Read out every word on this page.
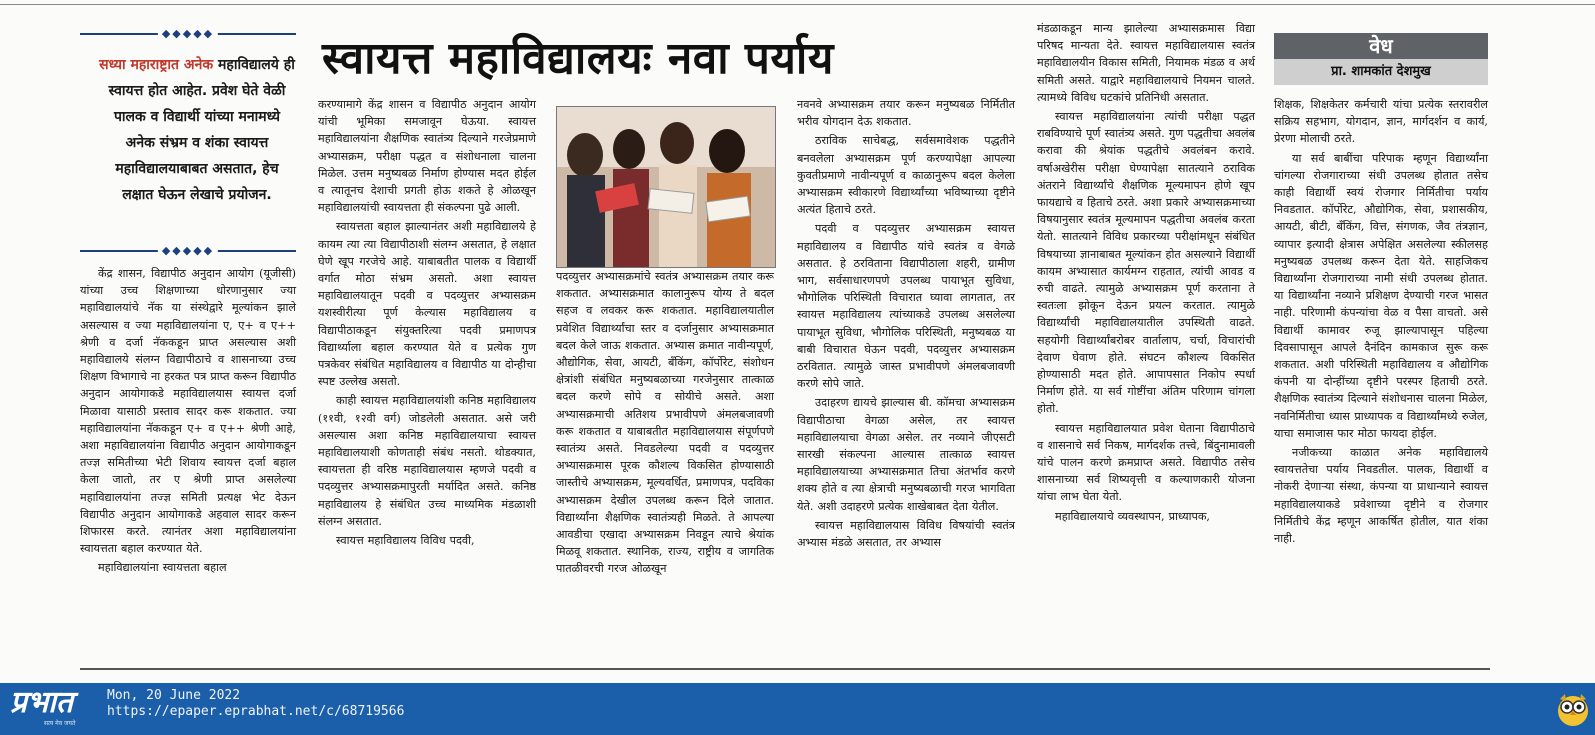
◆◆◆◆◆
सध्या महाराष्ट्रात अनेक महाविद्यालये ही स्वायत्त होत आहेत. प्रवेश घेते वेळी पालक व विद्यार्थी यांच्या मनामध्ये अनेक संभ्रम व शंका स्वायत्त महाविद्यालयाबाबत असतात, हेच लक्षात घेऊन लेखाचे प्रयोजन.
◆◆◆◆◆
स्वायत्त महाविद्यालयः नवा पर्याय

केंद्र शासन, विद्यापीठ अनुदान आयोग (यूजीसी) यांच्या उच्च शिक्षणाच्या धोरणानुसार ज्या महाविद्यालयांचे नॅक या संस्थेद्वारे मूल्यांकन झाले असल्यास व ज्या महाविद्यालयांना ए, ए+ व ए++ श्रेणी व दर्जा नॅककडून प्राप्त असल्यास अशी महाविद्यालये संलग्न विद्यापीठाचे व शासनाच्या उच्च शिक्षण विभागाचे ना हरकत पत्र प्राप्त करून विद्यापीठ अनुदान आयोगाकडे महाविद्यालयास स्वायत्त दर्जा मिळावा यासाठी प्रस्ताव सादर करू शकतात. ज्या महाविद्यालयांना नॅककडून ए+ व ए++ श्रेणी आहे, अशा महाविद्यालयांना विद्यापीठ अनुदान आयोगाकडून तज्ज्ञ समितीच्या भेटी शिवाय स्वायत्त दर्जा बहाल केला जातो, तर ए श्रेणी प्राप्त असलेल्या महाविद्यालयांना तज्ज्ञ समिती प्रत्यक्ष भेट देऊन विद्यापीठ अनुदान आयोगाकडे अहवाल सादर करून शिफारस करते. त्यानंतर अशा महाविद्यालयांना स्वायत्तता बहाल करण्यात येते.

महाविद्यालयांना स्वायत्तता बहाल

करण्यामागे केंद्र शासन व विद्यापीठ अनुदान आयोग यांची भूमिका समजावून घेऊया. स्वायत्त महाविद्यालयांना शैक्षणिक स्वातंत्र्य दिल्याने गरजेप्रमाणे अभ्यासक्रम, परीक्षा पद्धत व संशोधनाला चालना मिळेल. उत्तम मनुष्यबळ निर्माण होण्यास मदत होईल व त्यातूनच देशाची प्रगती होऊ शकते हे ओळखून महाविद्यालयांची स्वायत्तता ही संकल्पना पुढे आली.

स्वायत्तता बहाल झाल्यानंतर अशी महाविद्यालये हे कायम त्या त्या विद्यापीठाशी संलग्न असतात, हे लक्षात घेणे खूप गरजेचे आहे. याबाबतीत पालक व विद्यार्थी वर्गात मोठा संभ्रम असतो. अशा स्वायत्त महाविद्यालयातून पदवी व पदव्युत्तर अभ्यासक्रम यशस्वीरीत्या पूर्ण केल्यास महाविद्यालय व विद्यापीठाकडून संयुक्तरित्या पदवी प्रमाणपत्र विद्यार्थ्याला बहाल करण्यात येते व प्रत्येक गुण पत्रकेवर संबंधित महाविद्यालय व विद्यापीठ या दोन्हीचा स्पष्ट उल्लेख असतो.

काही स्वायत्त महाविद्यालयांशी कनिष्ठ महाविद्यालय (११वी, १२वी वर्ग) जोडलेली असतात. असे जरी असल्यास अशा कनिष्ठ महाविद्यालयाचा स्वायत्त महाविद्यालयाशी कोणताही संबंध नसतो. थोडक्यात, स्वायत्तता ही वरिष्ठ महाविद्यालयास म्हणजे पदवी व पदव्युत्तर अभ्यासक्रमापुरती मर्यादित असते. कनिष्ठ महाविद्यालय हे संबंधित उच्च माध्यमिक मंडळाशी संलग्न असतात.

स्वायत्त महाविद्यालय विविध पदवी,

पदव्युत्तर अभ्यासक्रमांचे स्वतंत्र अभ्यासक्रम तयार करू शकतात. अभ्यासक्रमात कालानुरूप योग्य ते बदल सहज व लवकर करू शकतात. महाविद्यालयातील प्रवेशित विद्यार्थ्यांचा स्तर व दर्जानुसार अभ्यासक्रमात बदल केले जाऊ शकतात. अभ्यास क्रमात नावीन्यपूर्ण, औद्योगिक, सेवा, आयटी, बँकिंग, कॉर्पोरेट, संशोधन क्षेत्रांशी संबंधित मनुष्यबळाच्या गरजेनुसार तात्काळ बदल करणे सोपे व सोयीचे असते. अशा अभ्यासक्रमाची अतिशय प्रभावीपणे अंमलबजावणी करू शकतात व याबाबतीत महाविद्यालयास संपूर्णपणे स्वातंत्र्य असते. निवडलेल्या पदवी व पदव्युत्तर अभ्यासक्रमास पूरक कौशल्य विकसित होण्यासाठी जास्तीचे अभ्यासक्रम, मूल्यवर्धित, प्रमाणपत्र, पदविका अभ्यासक्रम देखील उपलब्ध करून दिले जातात. विद्यार्थ्यांना शैक्षणिक स्वातंत्र्यही मिळते. ते आपल्या आवडीचा एखादा अभ्यासक्रम निवडून त्याचे श्रेयांक मिळवू शकतात. स्थानिक, राज्य, राष्ट्रीय व जागतिक पातळीवरची गरज ओळखून

नवनवे अभ्यासक्रम तयार करून मनुष्यबळ निर्मितीत भरीव योगदान देऊ शकतात.

ठराविक साचेबद्ध, सर्वसमावेशक पद्धतीने बनवलेला अभ्यासक्रम पूर्ण करण्यापेक्षा आपल्या कुवतीप्रमाणे नावीन्यपूर्ण व काळानुरूप बदल केलेला अभ्यासक्रम स्वीकारणे विद्यार्थ्यांच्या भविष्याच्या दृष्टीने अत्यंत हिताचे ठरते.

पदवी व पदव्युत्तर अभ्यासक्रम स्वायत्त महाविद्यालय व विद्यापीठ यांचे स्वतंत्र व वेगळे असतात. हे ठरविताना विद्यापीठाला शहरी, ग्रामीण भाग, सर्वसाधारणपणे उपलब्ध पायाभूत सुविधा, भौगोलिक परिस्थिती विचारात घ्यावा लागतात, तर स्वायत्त महाविद्यालय त्यांच्याकडे उपलब्ध असलेल्या पायाभूत सुविधा, भौगोलिक परिस्थिती, मनुष्यबळ या बाबी विचारात घेऊन पदवी, पदव्युत्तर अभ्यासक्रम ठरवितात. त्यामुळे जास्त प्रभावीपणे अंमलबजावणी करणे सोपे जाते.

उदाहरण द्यायचे झाल्यास बी. कॉमचा अभ्यासक्रम विद्यापीठाचा वेगळा असेल, तर स्वायत्त महाविद्यालयाचा वेगळा असेल. तर नव्याने जीएसटी सारखी संकल्पना आल्यास तात्काळ स्वायत्त महाविद्यालयाच्या अभ्यासक्रमात तिचा अंतर्भाव करणे शक्य होते व त्या क्षेत्राची मनुष्यबळाची गरज भागविता येते. अशी उदाहरणे प्रत्येक शाखेबाबत देता येतील.

स्वायत्त महाविद्यालयास विविध विषयांची स्वतंत्र अभ्यास मंडळे असतात, तर अभ्यास

मंडळाकडून मान्य झालेल्या अभ्यासक्रमास विद्या परिषद मान्यता देते. स्वायत्त महाविद्यालयास स्वतंत्र महाविद्यालयीन विकास समिती, नियामक मंडळ व अर्थ समिती असते. याद्वारे महाविद्यालयाचे नियमन चालते. त्यामध्ये विविध घटकांचे प्रतिनिधी असतात.

स्वायत्त महाविद्यालयांना त्यांची परीक्षा पद्धत राबविण्याचे पूर्ण स्वातंत्र्य असते. गुण पद्धतीचा अवलंब करावा की श्रेयांक पद्धतीचे अवलंबन करावे. वर्षाअखेरीस परीक्षा घेण्यापेक्षा सातत्याने ठराविक अंतराने विद्यार्थ्यांचे शैक्षणिक मूल्यमापन होणे खूप फायद्याचे व हिताचे ठरते. अशा प्रकारे अभ्यासक्रमाच्या विषयानुसार स्वतंत्र मूल्यमापन पद्धतीचा अवलंब करता येतो. सातत्याने विविध प्रकारच्या परीक्षांमधून संबंधित विषयाच्या ज्ञानाबाबत मूल्यांकन होत असल्याने विद्यार्थी कायम अभ्यासात कार्यमग्न राहतात, त्यांची आवड व रुची वाढते. त्यामुळे अभ्यासक्रम पूर्ण करताना ते स्वतःला झोकून देऊन प्रयत्न करतात. त्यामुळे विद्यार्थ्यांची महाविद्यालयातील उपस्थिती वाढते. सहयोगी विद्यार्थ्यांबरोबर वार्तालाप, चर्चा, विचारांची देवाण घेवाण होते. संघटन कौशल्य विकसित होण्यासाठी मदत होते. आपापसात निकोप स्पर्धा निर्माण होते. या सर्व गोष्टींचा अंतिम परिणाम चांगला होतो.

स्वायत्त महाविद्यालयात प्रवेश घेताना विद्यापीठाचे व शासनाचे सर्व निकष, मार्गदर्शक तत्त्वे, बिंदुनामावली यांचे पालन करणे क्रमप्राप्त असते. विद्यापीठ तसेच शासनाच्या सर्व शिष्यवृत्ती व कल्याणकारी योजना यांचा लाभ घेता येतो.

महाविद्यालयाचे व्यवस्थापन, प्राध्यापक,

वेध
प्रा. शामकांत देशमुख

शिक्षक, शिक्षकेतर कर्मचारी यांचा प्रत्येक स्तरावरील सक्रिय सहभाग, योगदान, ज्ञान, मार्गदर्शन व कार्य, प्रेरणा मोलाची ठरते.

या सर्व बाबींचा परिपाक म्हणून विद्यार्थ्यांना चांगल्या रोजगाराच्या संधी उपलब्ध होतात तसेच काही विद्यार्थी स्वयं रोजगार निर्मितीचा पर्याय निवडतात. कॉर्पोरेट, औद्योगिक, सेवा, प्रशासकीय, आयटी, बीटी, बँकिंग, वित्त, संगणक, जैव तंत्रज्ञान, व्यापार इत्यादी क्षेत्रास अपेक्षित असलेल्या स्कीलसह मनुष्यबळ उपलब्ध करून देता येते. साहजिकच विद्यार्थ्यांना रोजगाराच्या नामी संधी उपलब्ध होतात. या विद्यार्थ्यांना नव्याने प्रशिक्षण देण्याची गरज भासत नाही. परिणामी कंपन्यांचा वेळ व पैसा वाचतो. असे विद्यार्थी कामावर रुजू झाल्यापासून पहिल्या दिवसापासून आपले दैनंदिन कामकाज सुरू करू शकतात. अशी परिस्थिती महाविद्यालय व औद्योगिक कंपनी या दोन्हींच्या दृष्टीने परस्पर हिताची ठरते. शैक्षणिक स्वातंत्र्य दिल्याने संशोधनास चालना मिळेल, नवनिर्मितीचा ध्यास प्राध्यापक व विद्यार्थ्यांमध्ये रुजेल, याचा समाजास फार मोठा फायदा होईल.

नजीकच्या काळात अनेक महाविद्यालये स्वायत्ततेचा पर्याय निवडतील. पालक, विद्यार्थी व नोकरी देणाऱ्या संस्था, कंपन्या या प्राधान्याने स्वायत्त महाविद्यालयाकडे प्रवेशाच्या दृष्टीने व रोजगार निर्मितीचे केंद्र म्हणून आकर्षित होतील, यात शंका नाही.

प्रभात
सत्य मेव जयते
Mon, 20 June 2022
https://epaper.eprabhat.net/c/68719566
